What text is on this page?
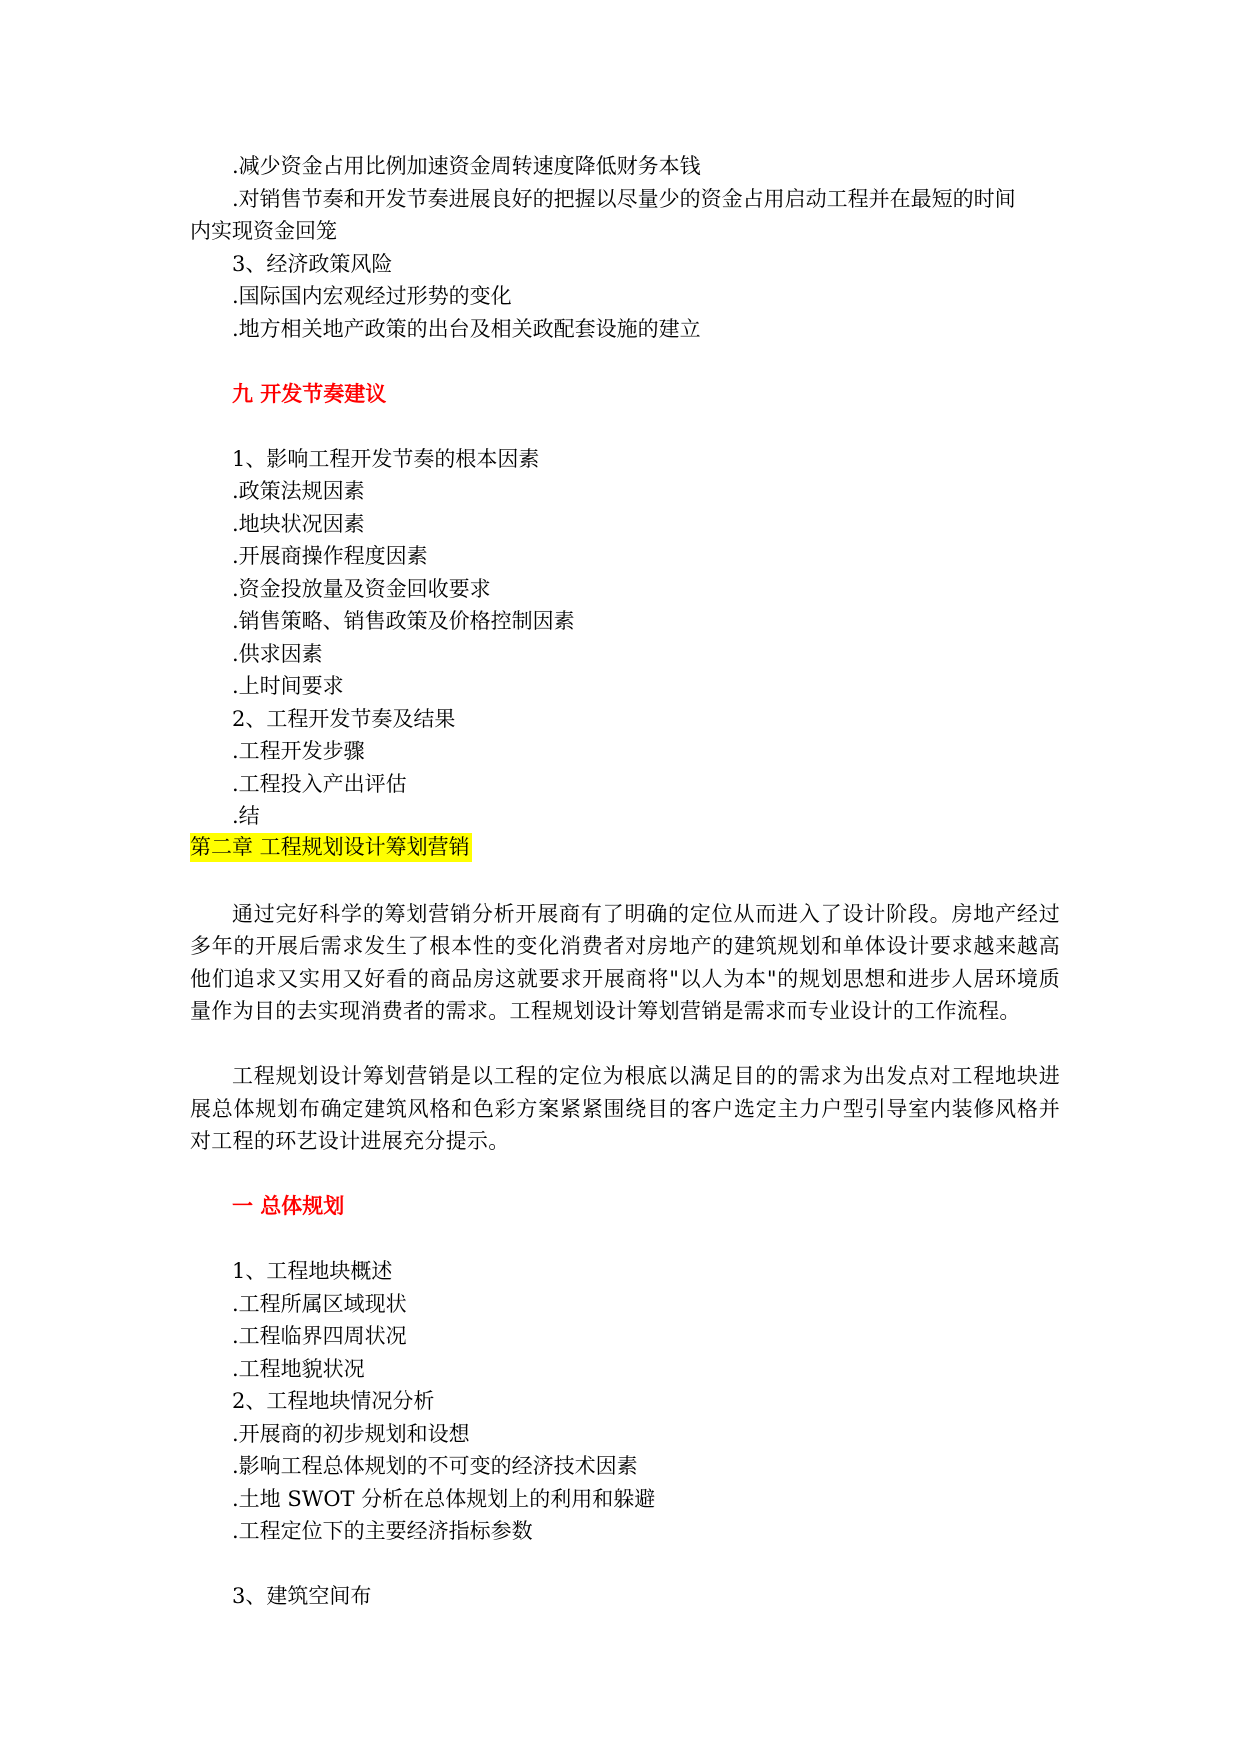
.减少资金占用比例加速资金周转速度降低财务本钱
.对销售节奏和开发节奏进展良好的把握以尽量少的资金占用启动工程并在最短的时间
内实现资金回笼
3、经济政策风险
.国际国内宏观经过形势的变化
.地方相关地产政策的出台及相关政配套设施的建立
九 开发节奏建议
1、影响工程开发节奏的根本因素
.政策法规因素
.地块状况因素
.开展商操作程度因素
.资金投放量及资金回收要求
.销售策略、销售政策及价格控制因素
.供求因素
.上时间要求
2、工程开发节奏及结果
.工程开发步骤
.工程投入产出评估
.结
第二章 工程规划设计筹划营销
通过完好科学的筹划营销分析开展商有了明确的定位从而进入了设计阶段。房地产经过多年的开展后需求发生了根本性的变化消费者对房地产的建筑规划和单体设计要求越来越高他们追求又实用又好看的商品房这就要求开展商将"以人为本"的规划思想和进步人居环境质量作为目的去实现消费者的需求。工程规划设计筹划营销是需求而专业设计的工作流程。
工程规划设计筹划营销是以工程的定位为根底以满足目的的需求为出发点对工程地块进展总体规划布确定建筑风格和色彩方案紧紧围绕目的客户选定主力户型引导室内装修风格并对工程的环艺设计进展充分提示。
一 总体规划
1、工程地块概述
.工程所属区域现状
.工程临界四周状况
.工程地貌状况
2、工程地块情况分析
.开展商的初步规划和设想
.影响工程总体规划的不可变的经济技术因素
.土地 SWOT 分析在总体规划上的利用和躲避
.工程定位下的主要经济指标参数
3、建筑空间布
